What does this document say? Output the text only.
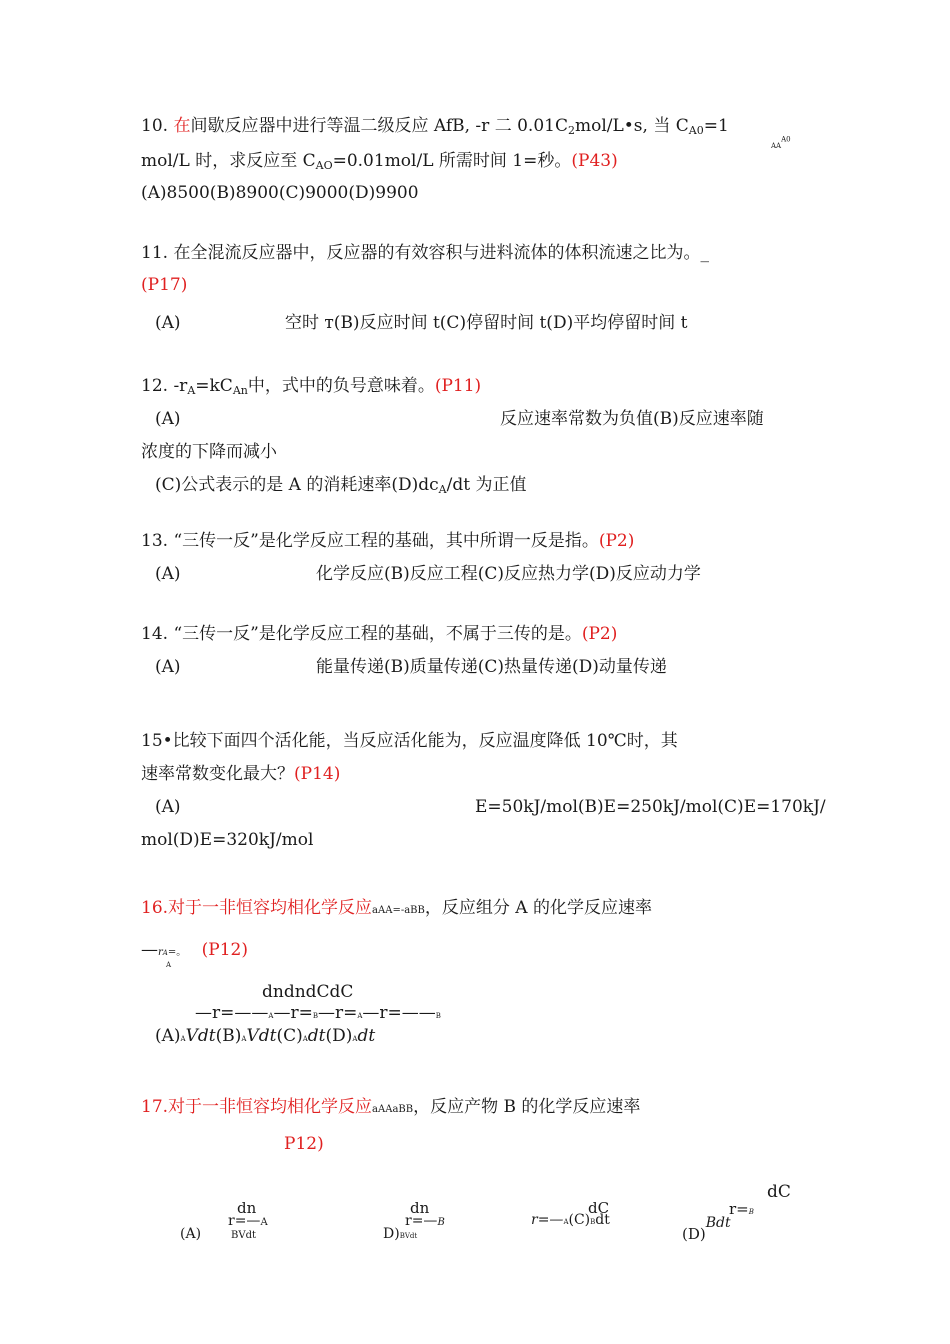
10. 在间歇反应器中进行等温二级反应 AfB, -r 二 $0.01C_2mol/L•s$, 当 $C_{A0}=1$
$AA^{A0}$
mol/L 时，求反应至 $C_{AO}=0.01mol/L$ 所需时间 1=秒。(P43)
(A)8500(B)8900(C)9000(D)9900
11. 在全混流反应器中，反应器的有效容积与进料流体的体积流速之比为。_
(P17)
(A)	空时 т(B)反应时间 t(C)停留时间 t(D)平均停留时间 t
12. $-r_A=kC_{An}$中，式中的负号意味着。(P11)
(A)	反应速率常数为负值(B)反应速率随
浓度的下降而减小
(C)公式表示的是 A 的消耗速率$(D)dc_A/dt$ 为正值
13. “三传一反”是化学反应工程的基础，其中所谓一反是指。(P2)
(A)	化学反应(B)反应工程(C)反应热力学(D)反应动力学
14. “三传一反”是化学反应工程的基础，不属于三传的是。(P2)
(A)	能量传递(B)质量传递(C)热量传递(D)动量传递
15•比较下面四个活化能，当反应活化能为，反应温度降低 10℃时，其
速率常数变化最大？(P14)
(A)	E=50kJ/mol(B)E=250kJ/mol(C)E=170kJ/
mol(D)E=320kJ/mol
16.对于一非恒容均相化学反应aAA=-aBB，反应组分 A 的化学反应速率
—rA=。 (P12)
A
dndndCdC
—r=——A—r=B—r=A—r=——B
(A)AVdt(B)AVdt(C)Adt(D)Adt
17.对于一非恒容均相化学反应aAAaBB，反应产物 B 的化学反应速率
P12)
dC
dn
r=—A
(A)	BVdt
dn
r=—B
D)BVdt
dC
r=—A(C)Bdt
r=B
(D)Bdt
